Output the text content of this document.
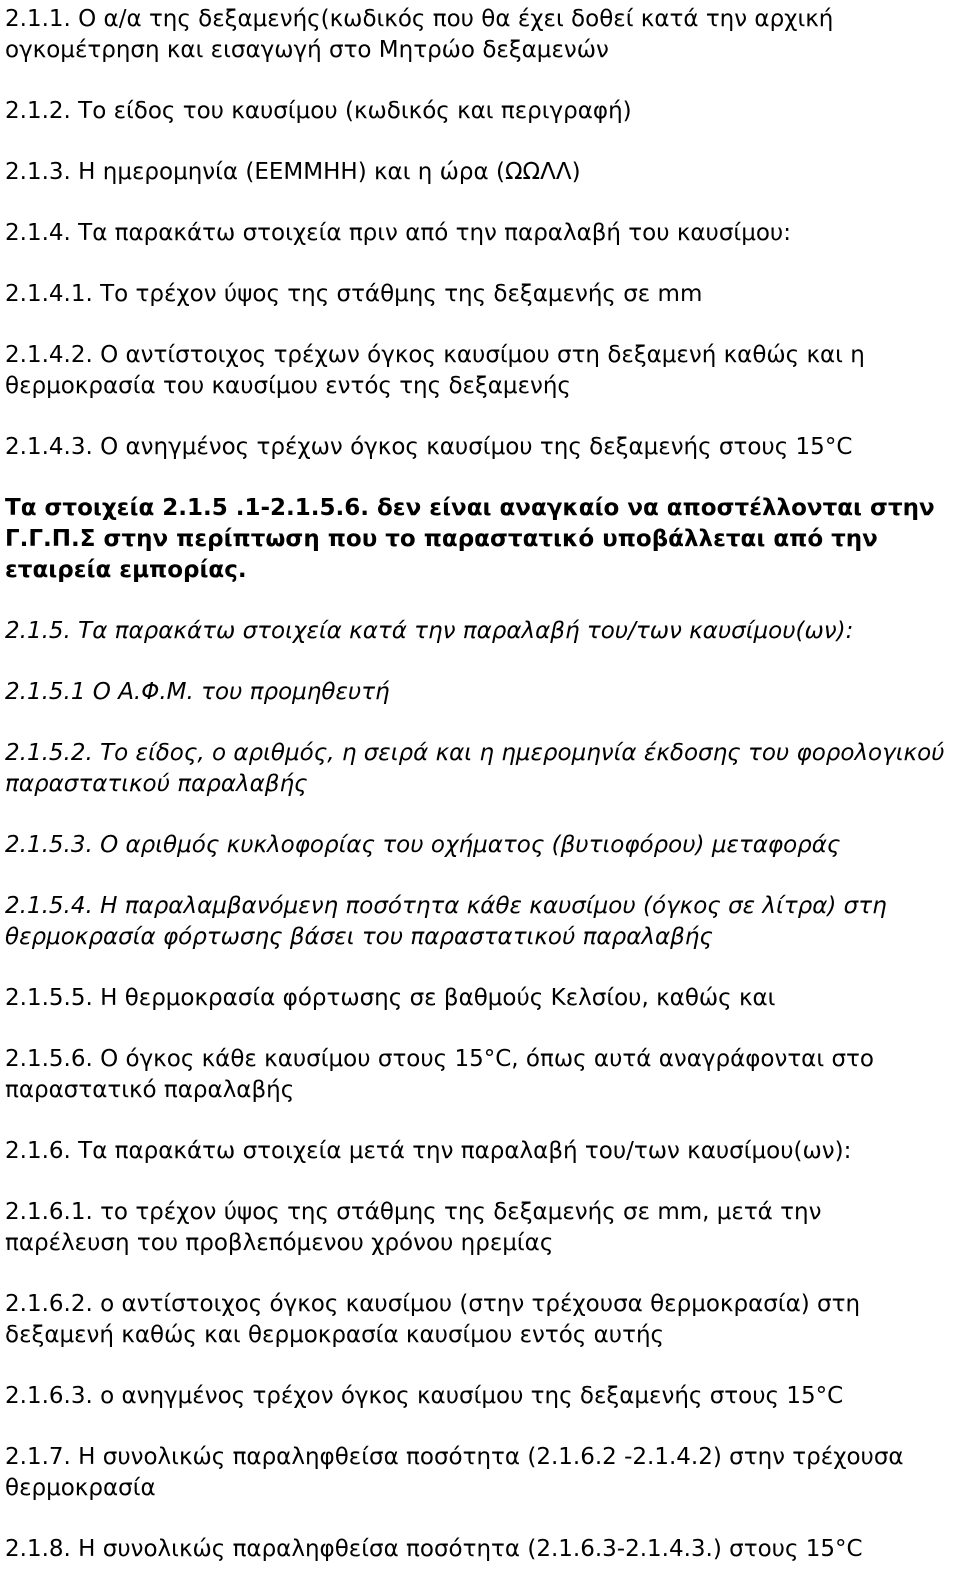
2.1.1. Ο α/α της δεξαμενής(κωδικός που θα έχει δοθεί κατά την αρχική ογκομέτρηση και εισαγωγή στο Μητρώο δεξαμενών

2.1.2. Το είδος του καυσίμου (κωδικός και περιγραφή)

2.1.3. Η ημερομηνία (ΕΕΜΜΗΗ) και η ώρα (ΩΩΛΛ)

2.1.4. Τα παρακάτω στοιχεία πριν από την παραλαβή του καυσίμου:

2.1.4.1. Το τρέχον ύψος της στάθμης της δεξαμενής σε mm

2.1.4.2. Ο αντίστοιχος τρέχων όγκος καυσίμου στη δεξαμενή καθώς και η θερμοκρασία του καυσίμου εντός της δεξαμενής

2.1.4.3. Ο ανηγμένος τρέχων όγκος καυσίμου της δεξαμενής στους 15°C

Τα στοιχεία 2.1.5 .1-2.1.5.6. δεν είναι αναγκαίο να αποστέλλονται στην Γ.Γ.Π.Σ στην περίπτωση που το παραστατικό υποβάλλεται από την εταιρεία εμπορίας.

2.1.5. Τα παρακάτω στοιχεία κατά την παραλαβή του/των καυσίμου(ων):

2.1.5.1 Ο Α.Φ.Μ. του προμηθευτή

2.1.5.2. Το είδος, ο αριθμός, η σειρά και η ημερομηνία έκδοσης του φορολογικού παραστατικού παραλαβής

2.1.5.3. Ο αριθμός κυκλοφορίας του οχήματος (βυτιοφόρου) μεταφοράς

2.1.5.4. Η παραλαμβανόμενη ποσότητα κάθε καυσίμου (όγκος σε λίτρα) στη θερμοκρασία φόρτωσης βάσει του παραστατικού παραλαβής

2.1.5.5. Η θερμοκρασία φόρτωσης σε βαθμούς Κελσίου, καθώς και

2.1.5.6. Ο όγκος κάθε καυσίμου στους 15°C, όπως αυτά αναγράφονται στο παραστατικό παραλαβής

2.1.6. Τα παρακάτω στοιχεία μετά την παραλαβή του/των καυσίμου(ων):

2.1.6.1. το τρέχον ύψος της στάθμης της δεξαμενής σε mm, μετά την παρέλευση του προβλεπόμενου χρόνου ηρεμίας

2.1.6.2. ο αντίστοιχος όγκος καυσίμου (στην τρέχουσα θερμοκρασία) στη δεξαμενή καθώς και θερμοκρασία καυσίμου εντός αυτής

2.1.6.3. ο ανηγμένος τρέχον όγκος καυσίμου της δεξαμενής στους 15°C

2.1.7. Η συνολικώς παραληφθείσα ποσότητα (2.1.6.2 -2.1.4.2) στην τρέχουσα θερμοκρασία

2.1.8. Η συνολικώς παραληφθείσα ποσότητα (2.1.6.3-2.1.4.3.) στους 15°C
